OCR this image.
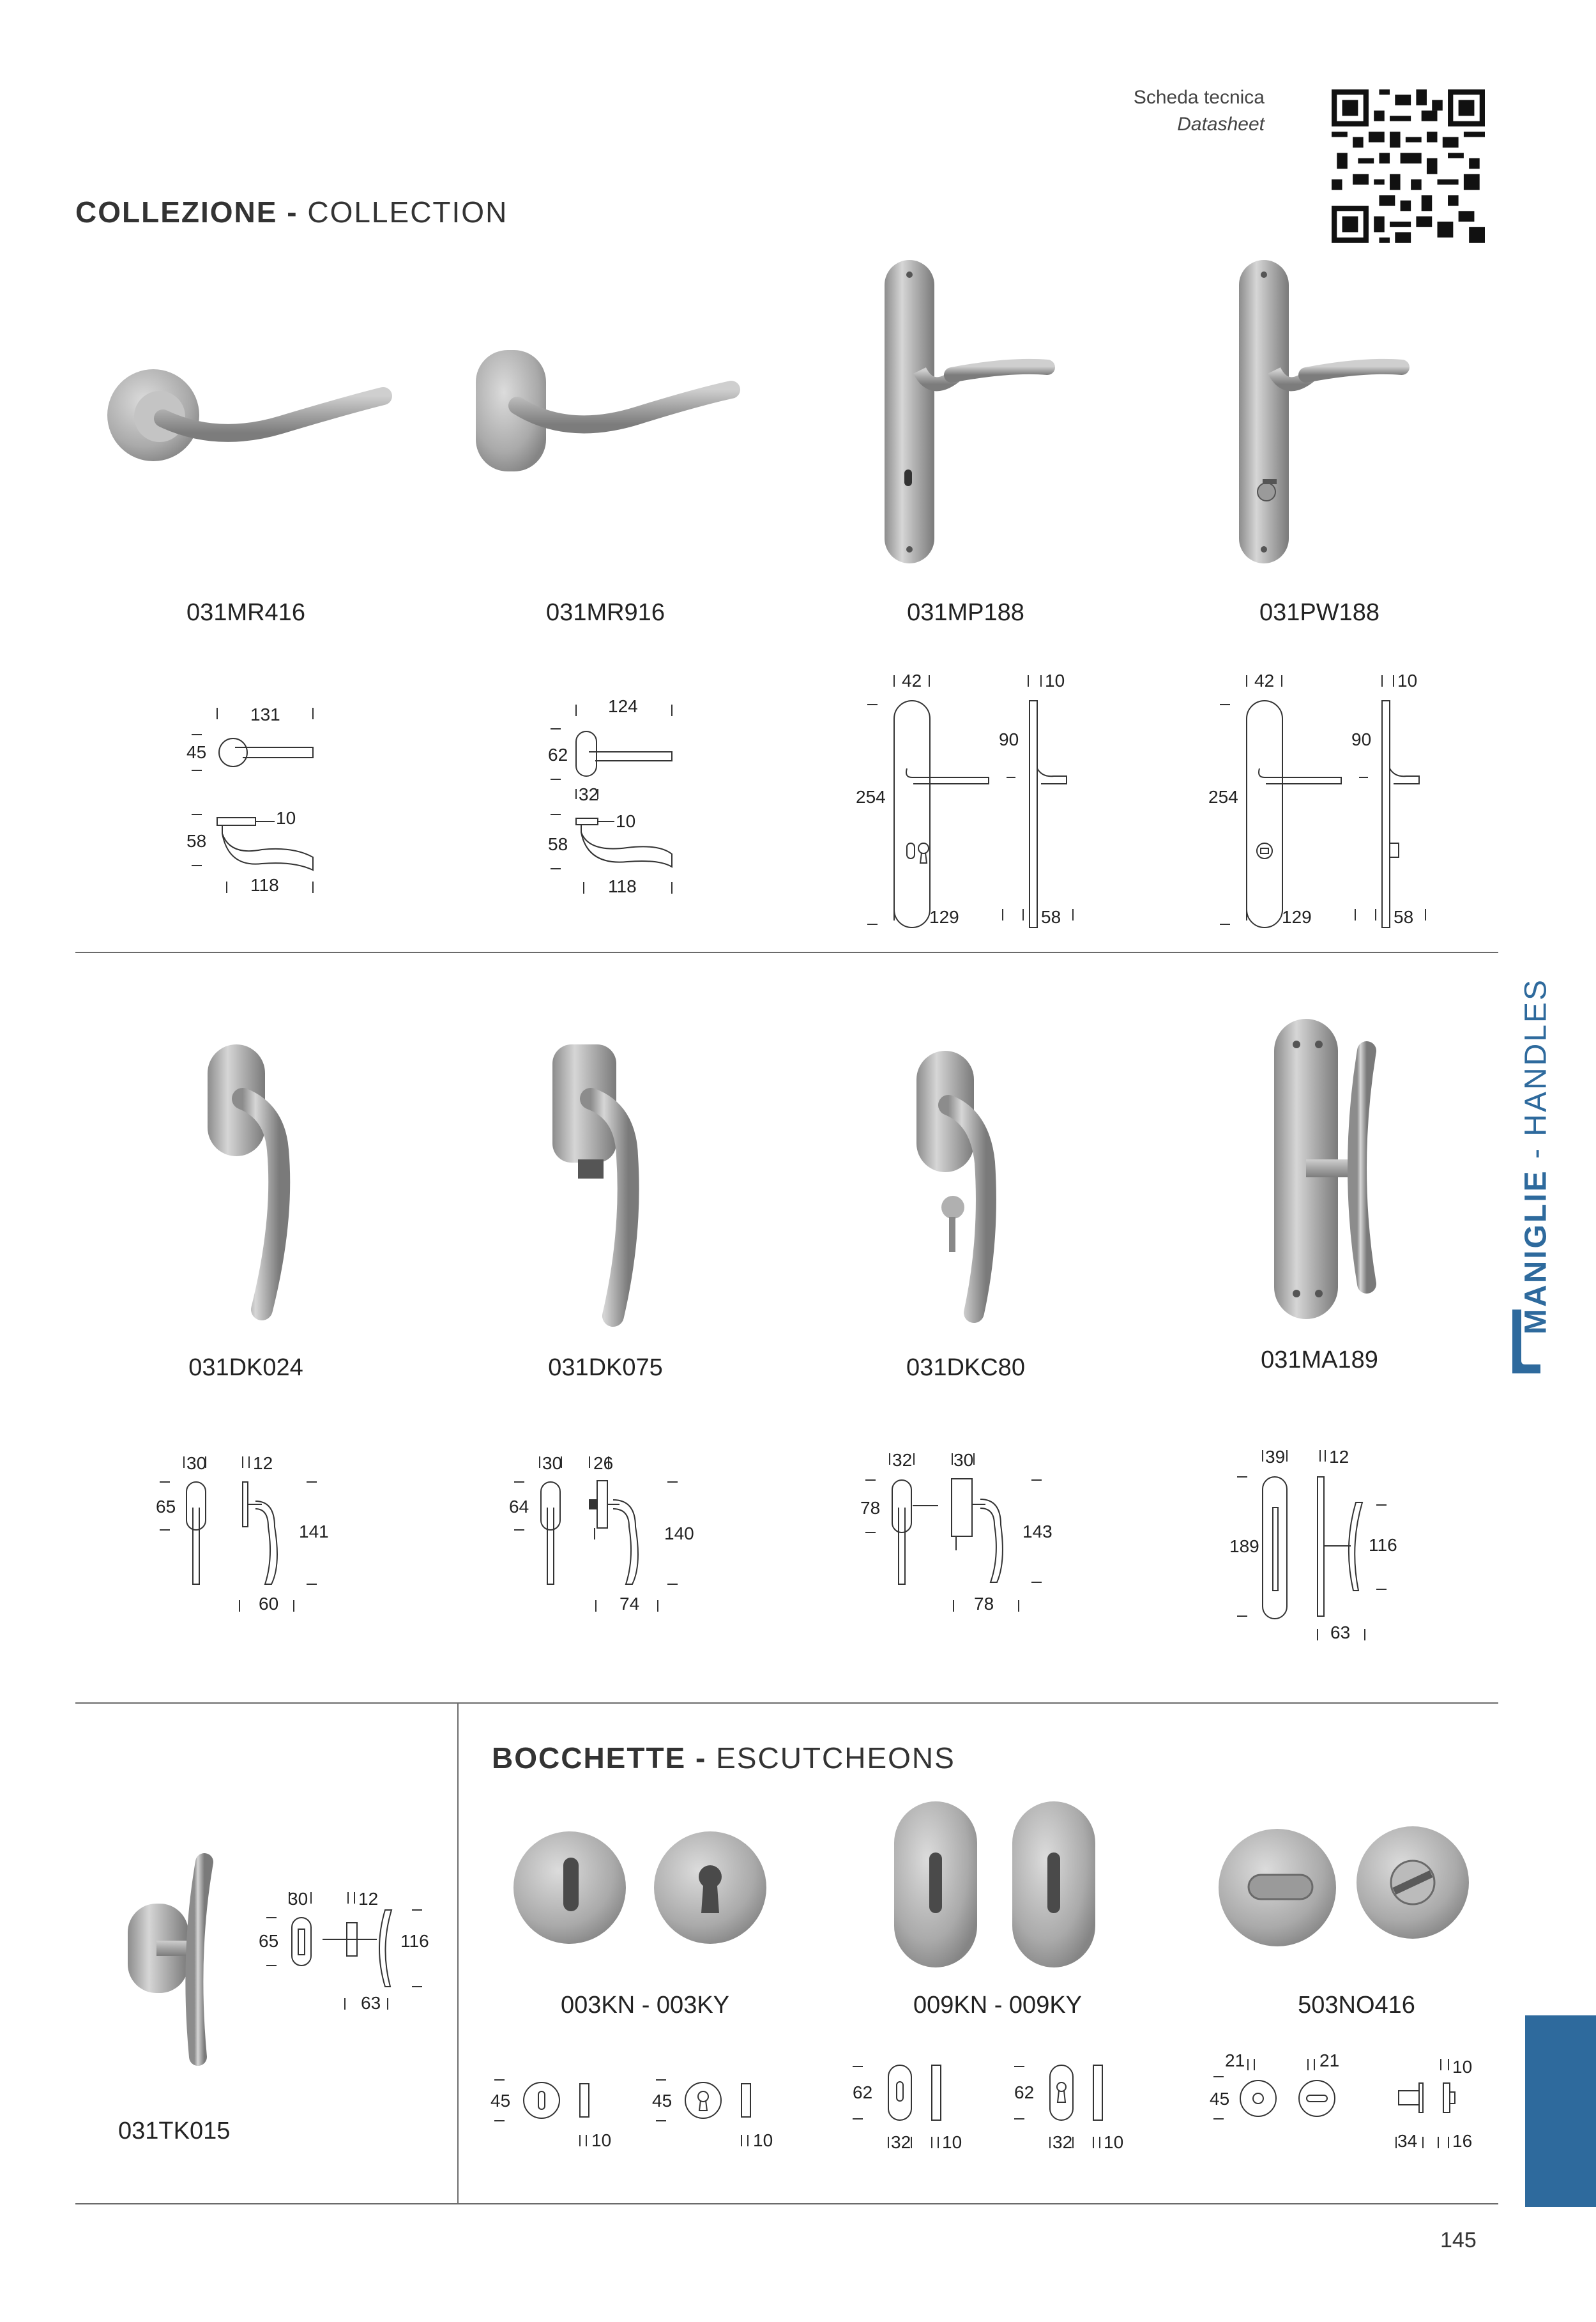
Scheda tecnica
Datasheet
COLLEZIONE - COLLECTION
031MR416	031MR916	031MP188	031PW188
131
45
10
58
118
124
62
32
10
58
118
42	10
90
254
129	58
42	10
90
254
129	58
031DK024	031DK075	031DKC80	031MA189
30	12
65
141
60
30 26
64
140
74
32 30
78
143
78
39 12
189	116
63
30	12
65	116
63
031TK015
BOCCHETTE - ESCUTCHEONS
003KN - 003KY	009KN - 009KY	503NO416
45
10
45
10
62
32 10
62
32 10
21	21
45
10
34 16
MANIGLIE - HANDLES
145
